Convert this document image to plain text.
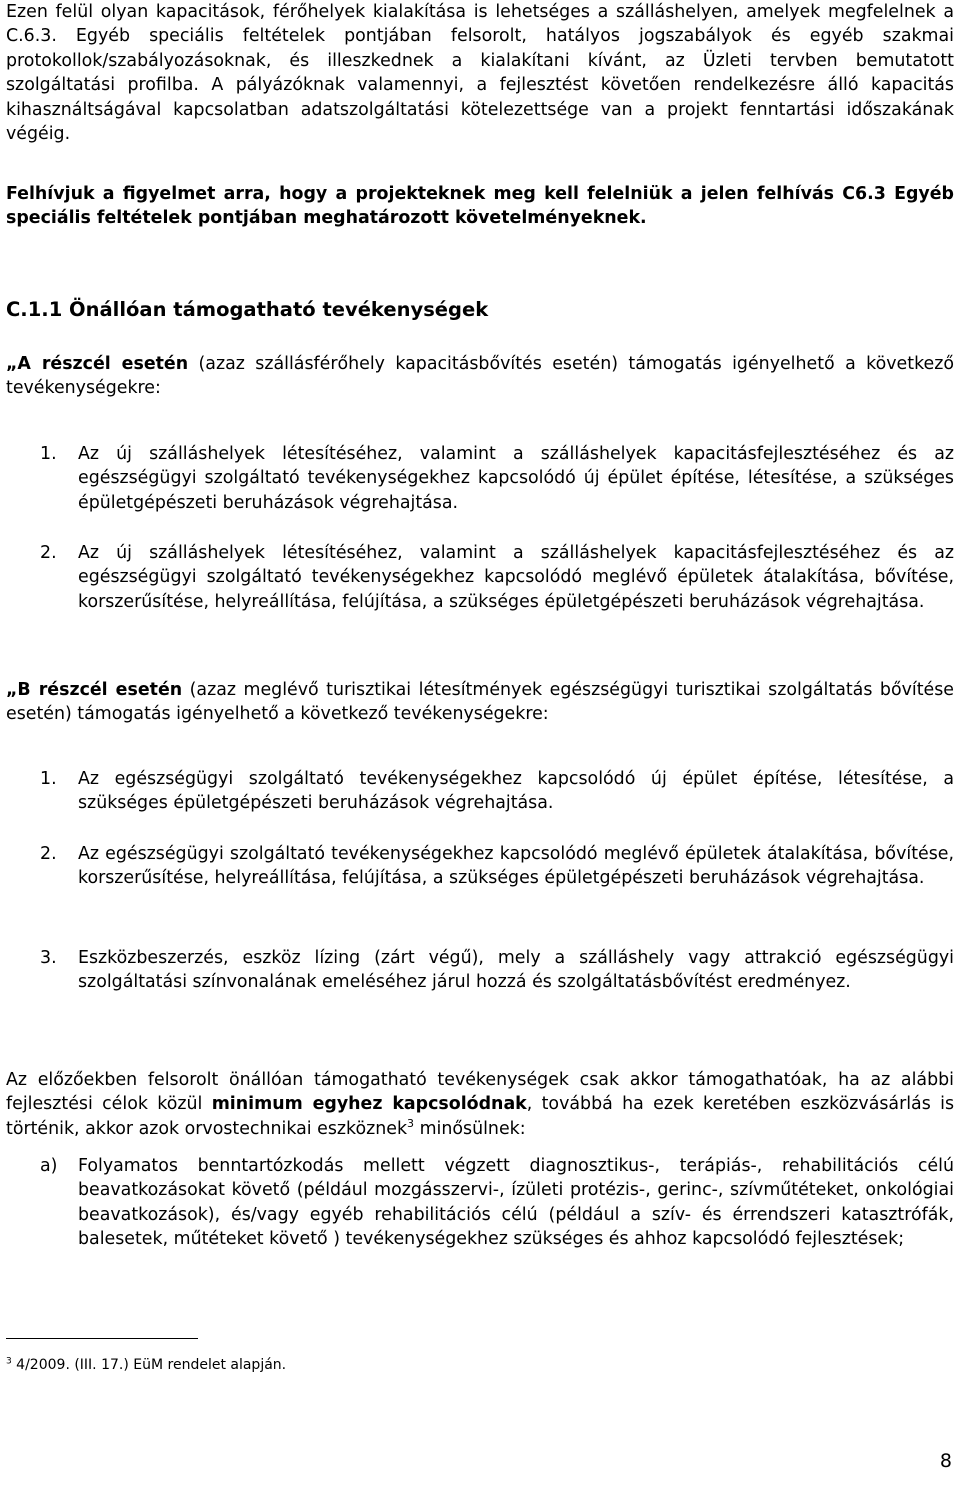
Ezen felül olyan kapacitások, férőhelyek kialakítása is lehetséges a szálláshelyen, amelyek megfelelnek a C.6.3. Egyéb speciális feltételek pontjában felsorolt, hatályos jogszabályok és egyéb szakmai protokollok/szabályozásoknak, és illeszkednek a kialakítani kívánt, az Üzleti tervben bemutatott szolgáltatási profilba. A pályázóknak valamennyi, a fejlesztést követően rendelkezésre álló kapacitás kihasználtságával kapcsolatban adatszolgáltatási kötelezettsége van a projekt fenntartási időszakának végéig.

Felhívjuk a figyelmet arra, hogy a projekteknek meg kell felelniük a jelen felhívás C6.3 Egyéb speciális feltételek pontjában meghatározott követelményeknek.

C.1.1 Önállóan támogatható tevékenységek

„A részcél esetén (azaz szállásférőhely kapacitásbővítés esetén) támogatás igényelhető a következő tevékenységekre:

1. Az új szálláshelyek létesítéséhez, valamint a szálláshelyek kapacitásfejlesztéséhez és az egészségügyi szolgáltató tevékenységekhez kapcsolódó új épület építése, létesítése, a szükséges épületgépészeti beruházások végrehajtása.
2. Az új szálláshelyek létesítéséhez, valamint a szálláshelyek kapacitásfejlesztéséhez és az egészségügyi szolgáltató tevékenységekhez kapcsolódó meglévő épületek átalakítása, bővítése, korszerűsítése, helyreállítása, felújítása, a szükséges épületgépészeti beruházások végrehajtása.

„B részcél esetén (azaz meglévő turisztikai létesítmények egészségügyi turisztikai szolgáltatás bővítése esetén) támogatás igényelhető a következő tevékenységekre:

1. Az egészségügyi szolgáltató tevékenységekhez kapcsolódó új épület építése, létesítése, a szükséges épületgépészeti beruházások végrehajtása.
2. Az egészségügyi szolgáltató tevékenységekhez kapcsolódó meglévő épületek átalakítása, bővítése, korszerűsítése, helyreállítása, felújítása, a szükséges épületgépészeti beruházások végrehajtása.
3. Eszközbeszerzés, eszköz lízing (zárt végű), mely a szálláshely vagy attrakció egészségügyi szolgáltatási színvonalának emeléséhez járul hozzá és szolgáltatásbővítést eredményez.

Az előzőekben felsorolt önállóan támogatható tevékenységek csak akkor támogathatóak, ha az alábbi fejlesztési célok közül minimum egyhez kapcsolódnak, továbbá ha ezek keretében eszközvásárlás is történik, akkor azok orvostechnikai eszköznek$^3$ minősülnek:

a) Folyamatos benntartózkodás mellett végzett diagnosztikus-, terápiás-, rehabilitációs célú beavatkozásokat követő (például mozgásszervi-, ízületi protézis-, gerinc-, szívműtéteket, onkológiai beavatkozások), és/vagy egyéb rehabilitációs célú (például a szív- és érrendszeri katasztrófák, balesetek, műtéteket követő ) tevékenységekhez szükséges és ahhoz kapcsolódó fejlesztések;

$^3$ 4/2009. (III. 17.) EüM rendelet alapján.

8
